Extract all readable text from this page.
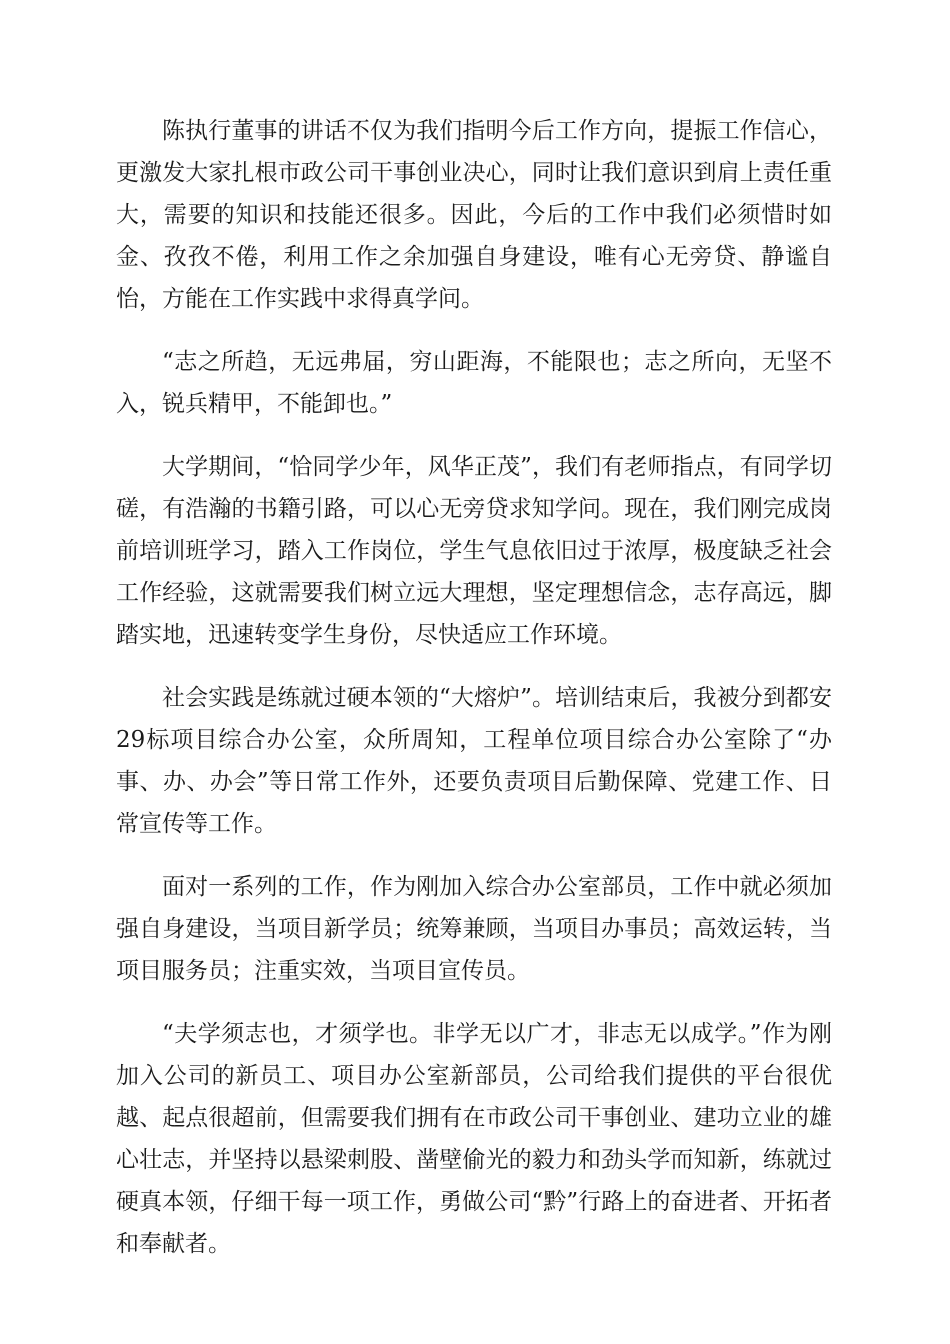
陈执行董事的讲话不仅为我们指明今后工作方向，提振工作信心，更激发大家扎根市政公司干事创业决心，同时让我们意识到肩上责任重大，需要的知识和技能还很多。因此，今后的工作中我们必须惜时如金、孜孜不倦，利用工作之余加强自身建设，唯有心无旁贷、静谧自怡，方能在工作实践中求得真学问。

“志之所趋，无远弗届，穷山距海，不能限也；志之所向，无坚不入，锐兵精甲，不能卸也。”

大学期间，“恰同学少年，风华正茂”，我们有老师指点，有同学切磋，有浩瀚的书籍引路，可以心无旁贷求知学问。现在，我们刚完成岗前培训班学习，踏入工作岗位，学生气息依旧过于浓厚，极度缺乏社会工作经验，这就需要我们树立远大理想，坚定理想信念，志存高远，脚踏实地，迅速转变学生身份，尽快适应工作环境。

社会实践是练就过硬本领的“大熔炉”。培训结束后，我被分到都安29标项目综合办公室，众所周知，工程单位项目综合办公室除了“办事、办、办会”等日常工作外，还要负责项目后勤保障、党建工作、日常宣传等工作。

面对一系列的工作，作为刚加入综合办公室部员，工作中就必须加强自身建设，当项目新学员；统筹兼顾，当项目办事员；高效运转，当项目服务员；注重实效，当项目宣传员。

“夫学须志也，才须学也。非学无以广才，非志无以成学。”作为刚加入公司的新员工、项目办公室新部员，公司给我们提供的平台很优越、起点很超前，但需要我们拥有在市政公司干事创业、建功立业的雄心壮志，并坚持以悬梁刺股、凿壁偷光的毅力和劲头学而知新，练就过硬真本领，仔细干每一项工作，勇做公司“黔”行路上的奋进者、开拓者和奉献者。
